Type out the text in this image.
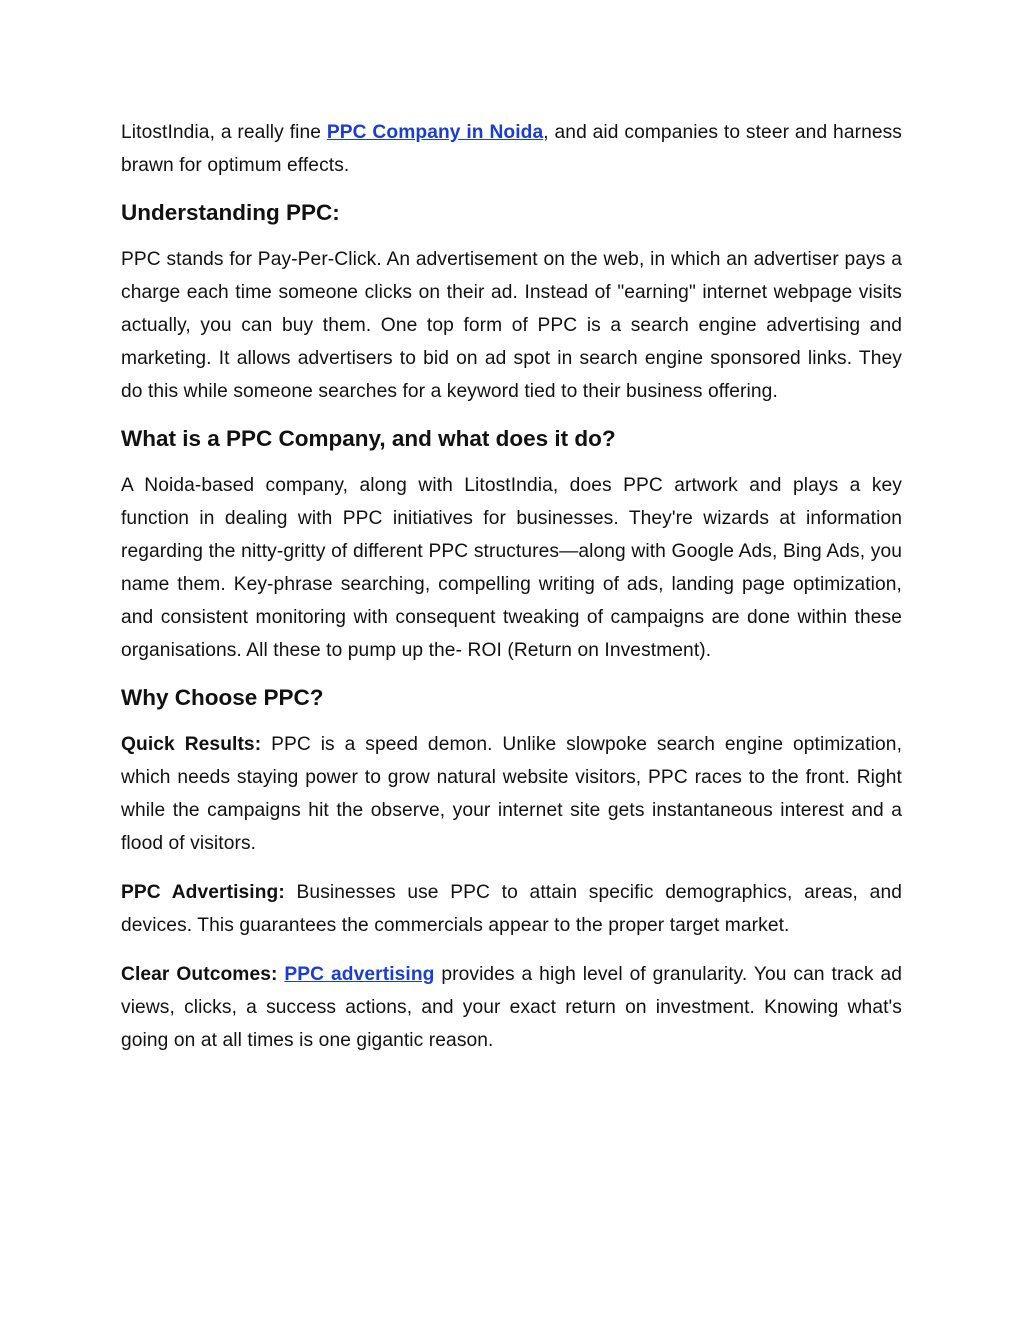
LitostIndia, a really fine PPC Company in Noida, and aid companies to steer and harness brawn for optimum effects.

Understanding PPC:

PPC stands for Pay-Per-Click. An advertisement on the web, in which an advertiser pays a charge each time someone clicks on their ad. Instead of "earning" internet webpage visits actually, you can buy them. One top form of PPC is a search engine advertising and marketing. It allows advertisers to bid on ad spot in search engine sponsored links. They do this while someone searches for a keyword tied to their business offering.

What is a PPC Company, and what does it do?

A Noida-based company, along with LitostIndia, does PPC artwork and plays a key function in dealing with PPC initiatives for businesses. They're wizards at information regarding the nitty-gritty of different PPC structures—along with Google Ads, Bing Ads, you name them. Key-phrase searching, compelling writing of ads, landing page optimization, and consistent monitoring with consequent tweaking of campaigns are done within these organisations. All these to pump up the- ROI (Return on Investment).

Why Choose PPC?

Quick Results: PPC is a speed demon. Unlike slowpoke search engine optimization, which needs staying power to grow natural website visitors, PPC races to the front. Right while the campaigns hit the observe, your internet site gets instantaneous interest and a flood of visitors.

PPC Advertising: Businesses use PPC to attain specific demographics, areas, and devices. This guarantees the commercials appear to the proper target market.

Clear Outcomes: PPC advertising provides a high level of granularity. You can track ad views, clicks, a success actions, and your exact return on investment. Knowing what's going on at all times is one gigantic reason.
